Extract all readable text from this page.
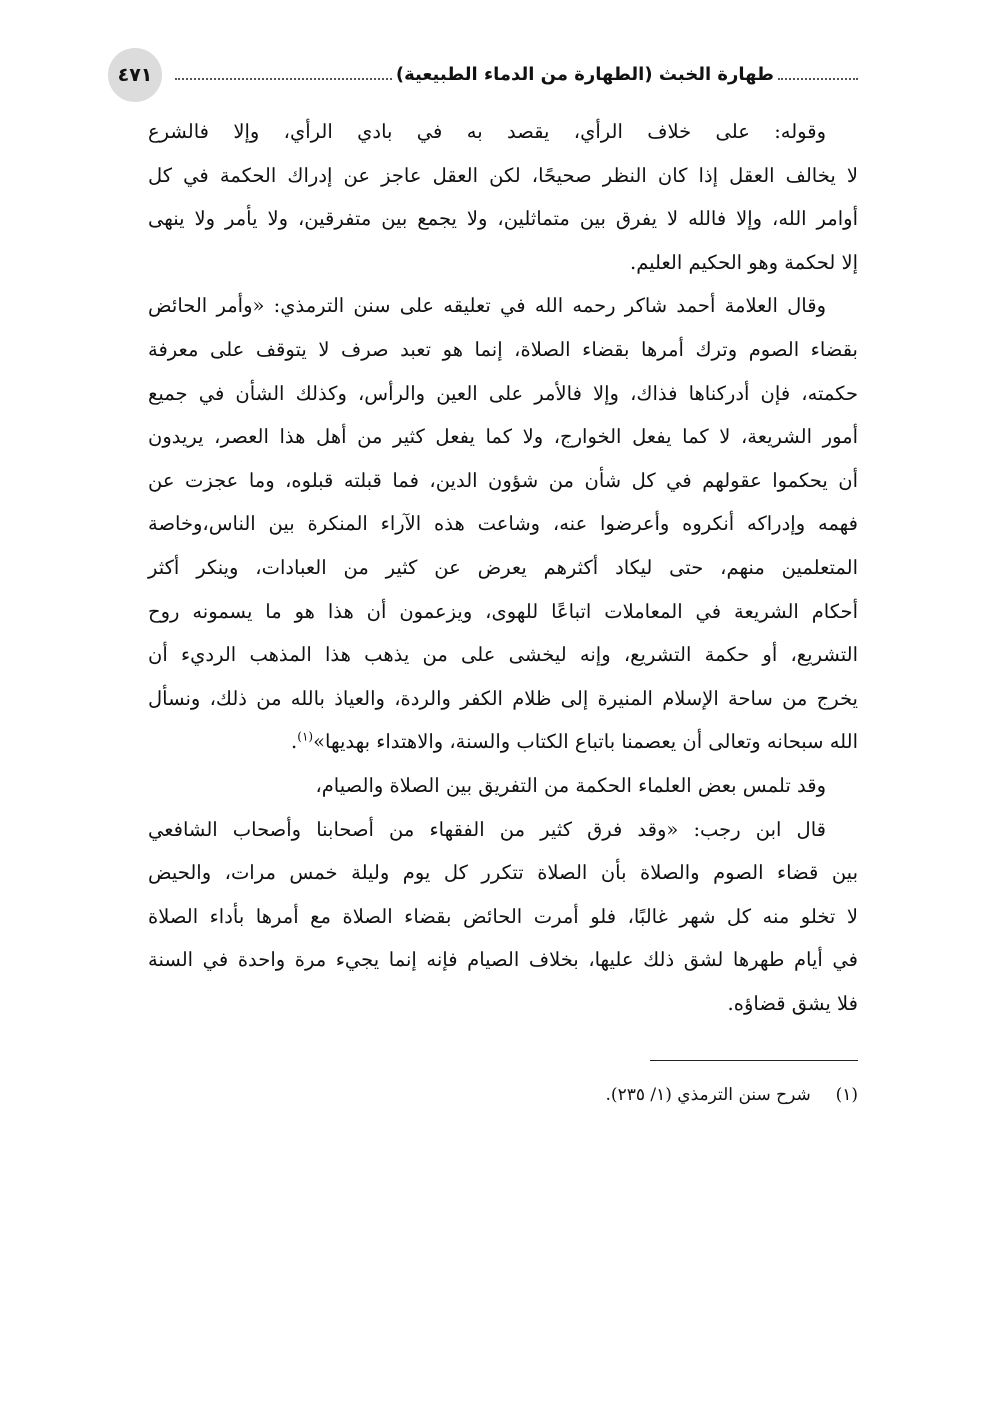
٤٧١	طهارة الخبث (الطهارة من الدماء الطبيعية)
وقوله: على خلاف الرأي، يقصد به في بادي الرأي، وإلا فالشرع
لا يخالف العقل إذا كان النظر صحيحًا، لكن العقل عاجز عن إدراك الحكمة في كل
أوامر الله، وإلا فالله لا يفرق بين متماثلين، ولا يجمع بين متفرقين، ولا يأمر ولا ينهى
إلا لحكمة وهو الحكيم العليم.
وقال العلامة أحمد شاكر رحمه الله في تعليقه على سنن الترمذي: «وأمر الحائض
بقضاء الصوم وترك أمرها بقضاء الصلاة، إنما هو تعبد صرف لا يتوقف على معرفة
حكمته، فإن أدركناها فذاك، وإلا فالأمر على العين والرأس، وكذلك الشأن في جميع
أمور الشريعة، لا كما يفعل الخوارج، ولا كما يفعل كثير من أهل هذا العصر، يريدون
أن يحكموا عقولهم في كل شأن من شؤون الدين، فما قبلته قبلوه، وما عجزت عن
فهمه وإدراكه أنكروه وأعرضوا عنه، وشاعت هذه الآراء المنكرة بين الناس،وخاصة
المتعلمين منهم، حتى ليكاد أكثرهم يعرض عن كثير من العبادات، وينكر أكثر
أحكام الشريعة في المعاملات اتباعًا للهوى، ويزعمون أن هذا هو ما يسمونه روح
التشريع، أو حكمة التشريع، وإنه ليخشى على من يذهب هذا المذهب الرديء أن
يخرج من ساحة الإسلام المنيرة إلى ظلام الكفر والردة، والعياذ بالله من ذلك، ونسأل
الله سبحانه وتعالى أن يعصمنا باتباع الكتاب والسنة، والاهتداء بهديها»$^{(١)}$.
وقد تلمس بعض العلماء الحكمة من التفريق بين الصلاة والصيام،
قال ابن رجب: «وقد فرق كثير من الفقهاء من أصحابنا وأصحاب الشافعي
بين قضاء الصوم والصلاة بأن الصلاة تتكرر كل يوم وليلة خمس مرات، والحيض
لا تخلو منه كل شهر غالبًا، فلو أمرت الحائض بقضاء الصلاة مع أمرها بأداء الصلاة
في أيام طهرها لشق ذلك عليها، بخلاف الصيام فإنه إنما يجيء مرة واحدة في السنة
فلا يشق قضاؤه.
(١)  شرح سنن الترمذي (١/ ٢٣٥).
